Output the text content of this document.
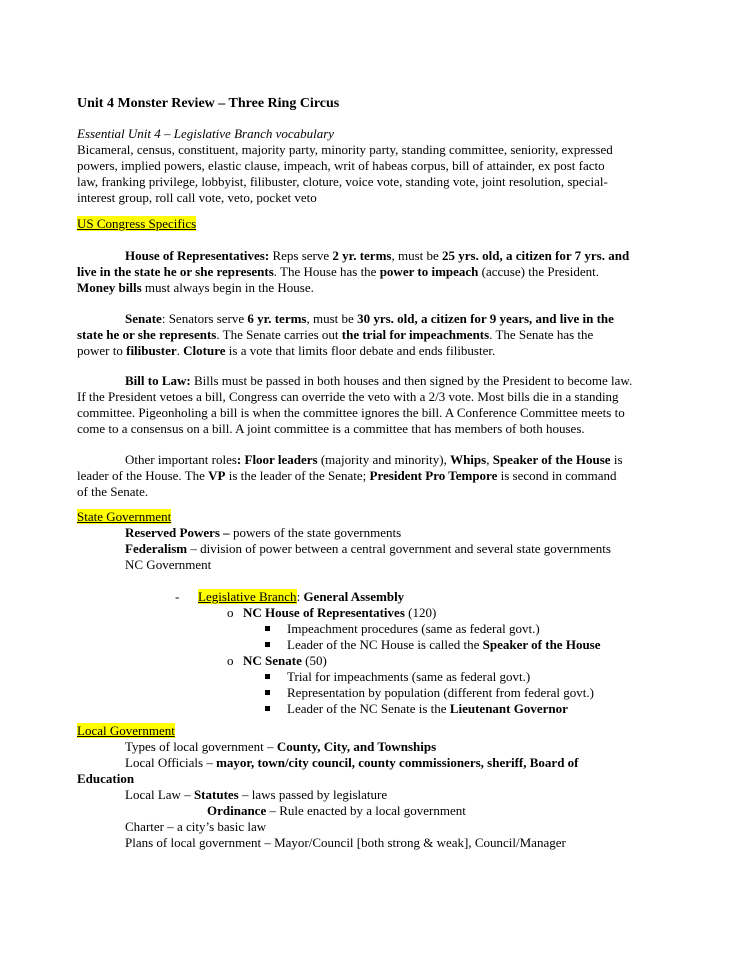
Unit 4 Monster Review – Three Ring Circus

Essential Unit 4 – Legislative Branch vocabulary

Bicameral, census, constituent, majority party, minority party, standing committee, seniority, expressed

powers, implied powers, elastic clause, impeach, writ of habeas corpus, bill of attainder, ex post facto

law, franking privilege, lobbyist, filibuster, cloture, voice vote, standing vote, joint resolution, special-

interest group, roll call vote, veto, pocket veto

US Congress Specifics

House of Representatives: Reps serve 2 yr. terms, must be 25 yrs. old, a citizen for 7 yrs. and

live in the state he or she represents. The House has the power to impeach (accuse) the President.

Money bills must always begin in the House.

Senate: Senators serve 6 yr. terms, must be 30 yrs. old, a citizen for 9 years, and live in the

state he or she represents. The Senate carries out the trial for impeachments. The Senate has the

power to filibuster. Cloture is a vote that limits floor debate and ends filibuster.

Bill to Law: Bills must be passed in both houses and then signed by the President to become law.

If the President vetoes a bill, Congress can override the veto with a 2/3 vote. Most bills die in a standing

committee. Pigeonholing a bill is when the committee ignores the bill. A Conference Committee meets to

come to a consensus on a bill. A joint committee is a committee that has members of both houses.

Other important roles: Floor leaders (majority and minority), Whips, Speaker of the House is

leader of the House. The VP is the leader of the Senate; President Pro Tempore is second in command

of the Senate.

State Government

Reserved Powers – powers of the state governments

Federalism – division of power between a central government and several state governments

NC Government

- Legislative Branch: General Assembly
o NC House of Representatives (120)
Impeachment procedures (same as federal govt.)
Leader of the NC House is called the Speaker of the House
o NC Senate (50)
Trial for impeachments (same as federal govt.)
Representation by population (different from federal govt.)
Leader of the NC Senate is the Lieutenant Governor

Local Government

Types of local government – County, City, and Townships

Local Officials – mayor, town/city council, county commissioners, sheriff, Board of

Education

Local Law – Statutes – laws passed by legislature

Ordinance – Rule enacted by a local government

Charter – a city’s basic law

Plans of local government – Mayor/Council [both strong & weak], Council/Manager
